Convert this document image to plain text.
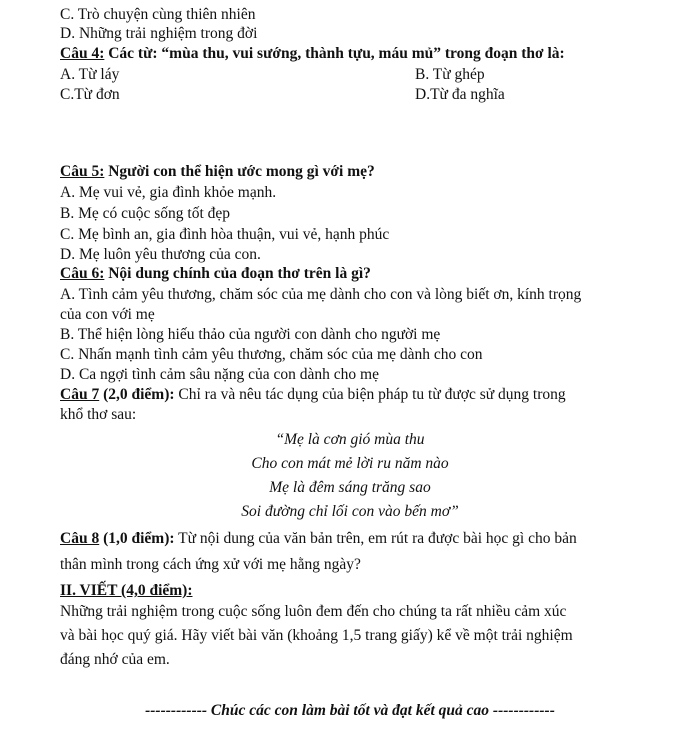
C. Trò chuyện cùng thiên nhiên
D. Những trải nghiệm trong đời
Câu 4: Các từ: “mùa thu, vui sướng, thành tựu, máu mủ” trong đoạn thơ là:
A. Từ láy	B. Từ ghép
C.Từ đơn	D.Từ đa nghĩa
Câu 5: Người con thể hiện ước mong gì với mẹ?
A. Mẹ vui vẻ, gia đình khỏe mạnh.
B. Mẹ có cuộc sống tốt đẹp
C. Mẹ bình an, gia đình hòa thuận, vui vẻ, hạnh phúc
D. Mẹ luôn yêu thương của con.
Câu 6: Nội dung chính của đoạn thơ trên là gì?
A. Tình cảm yêu thương, chăm sóc của mẹ dành cho con và lòng biết ơn, kính trọng
của con với mẹ
B. Thể hiện lòng hiếu thảo của người con dành cho người mẹ
C. Nhấn mạnh tình cảm yêu thương, chăm sóc của mẹ dành cho con
D. Ca ngợi tình cảm sâu nặng của con dành cho mẹ
Câu 7 (2,0 điểm): Chỉ ra và nêu tác dụng của biện pháp tu từ được sử dụng trong
khổ thơ sau:
“Mẹ là cơn gió mùa thu
Cho con mát mẻ lời ru năm nào
Mẹ là đêm sáng trăng sao
Soi đường chỉ lối con vào bến mơ”
Câu 8 (1,0 điểm): Từ nội dung của văn bản trên, em rút ra được bài học gì cho bản
thân mình trong cách ứng xử với mẹ hằng ngày?
II. VIẾT (4,0 điểm):
Những trải nghiệm trong cuộc sống luôn đem đến cho chúng ta rất nhiều cảm xúc
và bài học quý giá. Hãy viết bài văn (khoảng 1,5 trang giấy) kể về một trải nghiệm
đáng nhớ của em.
------------ Chúc các con làm bài tốt và đạt kết quả cao ------------
